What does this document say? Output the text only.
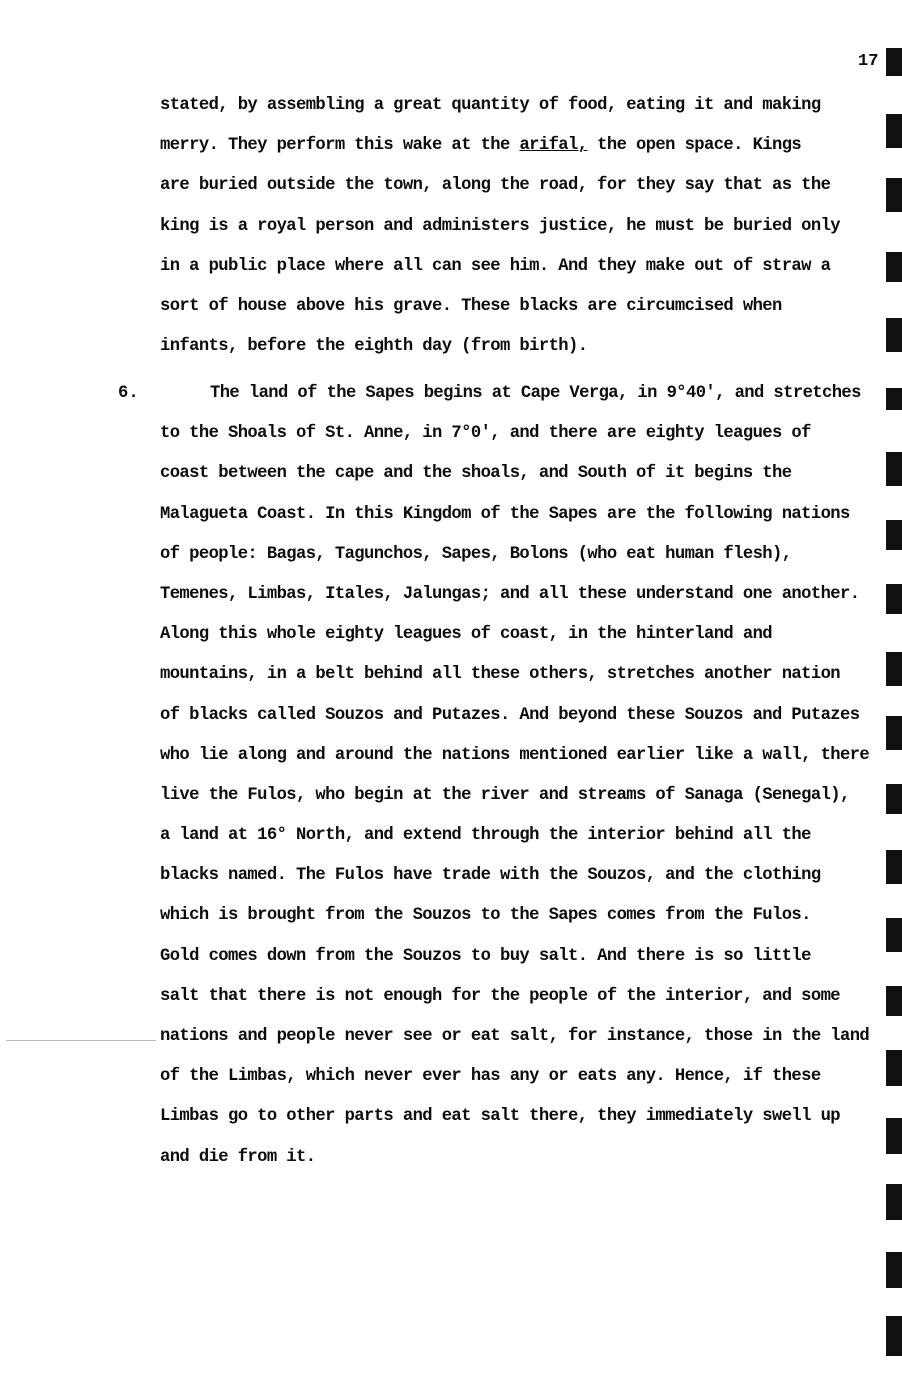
17
stated, by assembling a great quantity of food, eating it and making
merry. They perform this wake at the arifal, the open space. Kings
are buried outside the town, along the road, for they say that as the
king is a royal person and administers justice, he must be buried only
in a public place where all can see him. And they make out of straw a
sort of house above his grave. These blacks are circumcised when
infants, before the eighth day (from birth).
6.	The land of the Sapes begins at Cape Verga, in 9°40', and stretches
to the Shoals of St. Anne, in 7°0', and there are eighty leagues of
coast between the cape and the shoals, and South of it begins the
Malagueta Coast. In this Kingdom of the Sapes are the following nations
of people: Bagas, Tagunchos, Sapes, Bolons (who eat human flesh),
Temenes, Limbas, Itales, Jalungas; and all these understand one another.
Along this whole eighty leagues of coast, in the hinterland and
mountains, in a belt behind all these others, stretches another nation
of blacks called Souzos and Putazes. And beyond these Souzos and Putazes
who lie along and around the nations mentioned earlier like a wall, there
live the Fulos, who begin at the river and streams of Sanaga (Senegal),
a land at 16° North, and extend through the interior behind all the
blacks named. The Fulos have trade with the Souzos, and the clothing
which is brought from the Souzos to the Sapes comes from the Fulos.
Gold comes down from the Souzos to buy salt. And there is so little
salt that there is not enough for the people of the interior, and some
nations and people never see or eat salt, for instance, those in the land
of the Limbas, which never ever has any or eats any. Hence, if these
Limbas go to other parts and eat salt there, they immediately swell up
and die from it.
